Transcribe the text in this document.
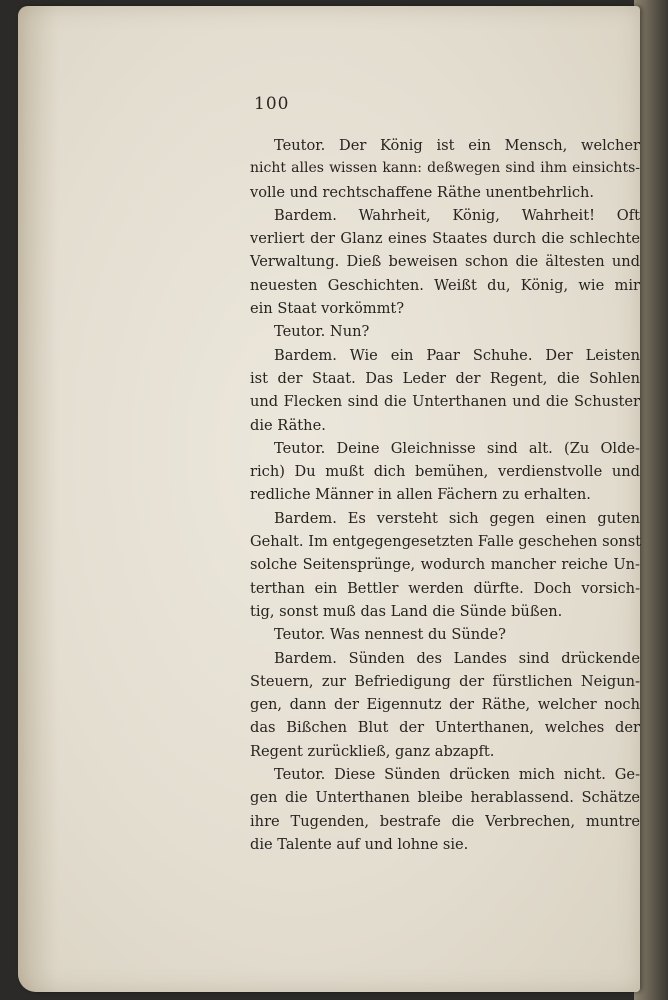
100
Teutor. Der König ist ein Mensch, welcher
nicht alles wissen kann: deßwegen sind ihm einsichts-
volle und rechtschaffene Räthe unentbehrlich.
Bardem. Wahrheit, König, Wahrheit! Oft
verliert der Glanz eines Staates durch die schlechte
Verwaltung. Dieß beweisen schon die ältesten und
neuesten Geschichten. Weißt du, König, wie mir
ein Staat vorkömmt?
Teutor. Nun?
Bardem. Wie ein Paar Schuhe. Der Leisten
ist der Staat. Das Leder der Regent, die Sohlen
und Flecken sind die Unterthanen und die Schuster
die Räthe.
Teutor. Deine Gleichnisse sind alt. (Zu Olde-
rich) Du mußt dich bemühen, verdienstvolle und
redliche Männer in allen Fächern zu erhalten.
Bardem. Es versteht sich gegen einen guten
Gehalt. Im entgegengesetzten Falle geschehen sonst
solche Seitensprünge, wodurch mancher reiche Un-
terthan ein Bettler werden dürfte. Doch vorsich-
tig, sonst muß das Land die Sünde büßen.
Teutor. Was nennest du Sünde?
Bardem. Sünden des Landes sind drückende
Steuern, zur Befriedigung der fürstlichen Neigun-
gen, dann der Eigennutz der Räthe, welcher noch
das Bißchen Blut der Unterthanen, welches der
Regent zurückließ, ganz abzapft.
Teutor. Diese Sünden drücken mich nicht. Ge-
gen die Unterthanen bleibe herablassend. Schätze
ihre Tugenden, bestrafe die Verbrechen, muntre
die Talente auf und lohne sie.
